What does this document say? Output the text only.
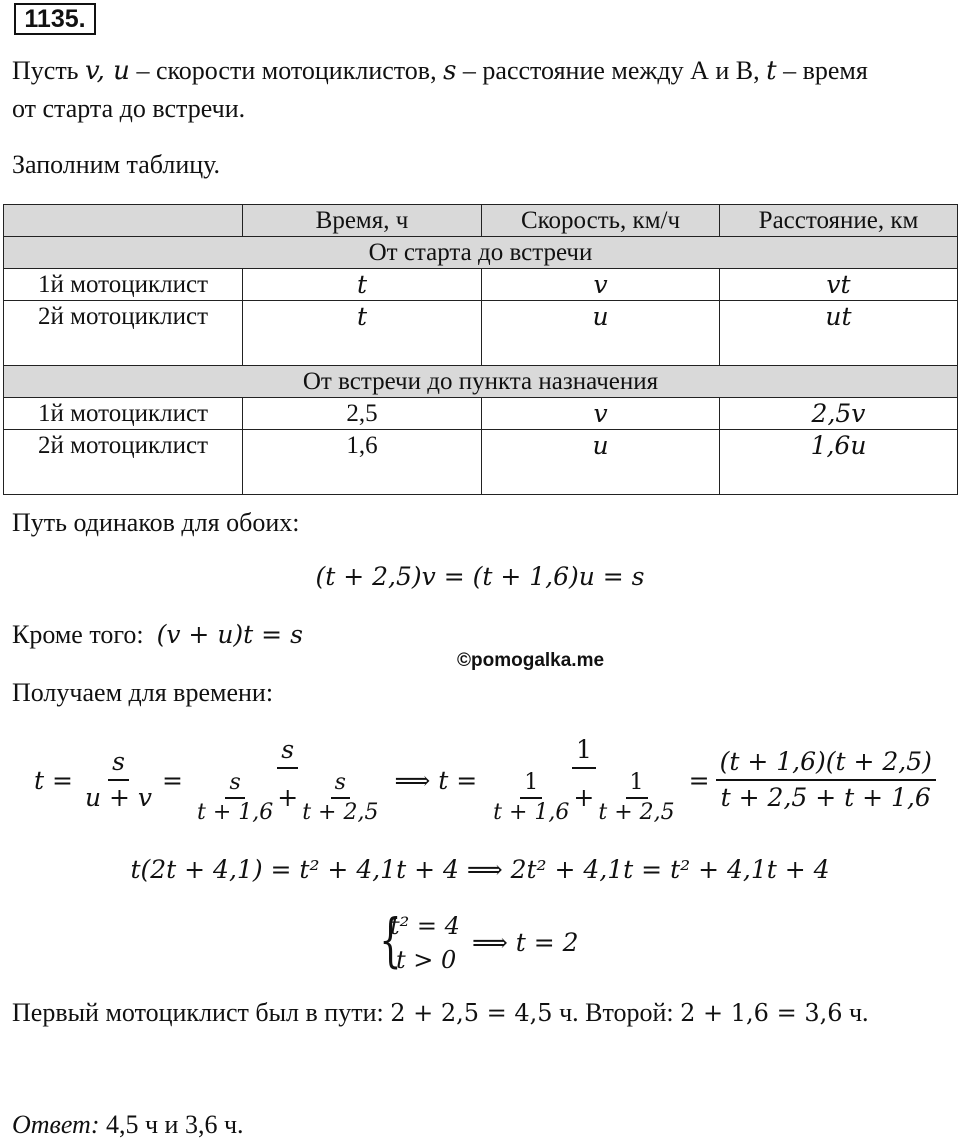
1135.
Пусть v, u – скорости мотоциклистов, s – расстояние между А и В, t – время
от старта до встречи.
Заполним таблицу.
	Время, ч	Скорость, км/ч	Расстояние, км
От старта до встречи			
1й мотоциклист	t	v	vt
2й мотоциклист	t	u	ut
От встречи до пункта назначения			
1й мотоциклист	2,5	v	2,5v
2й мотоциклист	1,6	u	1,6u
Путь одинаков для обоих:
(t + 2,5)v = (t + 1,6)u = s
Кроме того: (v + u)t = s
©pomogalka.me
Получаем для времени:
$t = \frac{s}{u + v}$ =
s
$\frac{s}{t + 1,6} + \frac{s}{t + 2,5}$ ⟹ t =
1
$\frac{1}{t + 1,6} + \frac{1}{t + 2,5} = \frac{(t + 1,6)(t + 2,5)}{t + 2,5 + t + 1,6}$
t(2t + 4,1) = t² + 4,1t + 4 ⟹ 2t² + 4,1t = t² + 4,1t + 4
{
t² = 4
t > 0
⟹ t = 2
Первый мотоциклист был в пути: 2 + 2,5 = 4,5 ч. Второй: 2 + 1,6 = 3,6 ч.
Ответ: 4,5 ч и 3,6 ч.
